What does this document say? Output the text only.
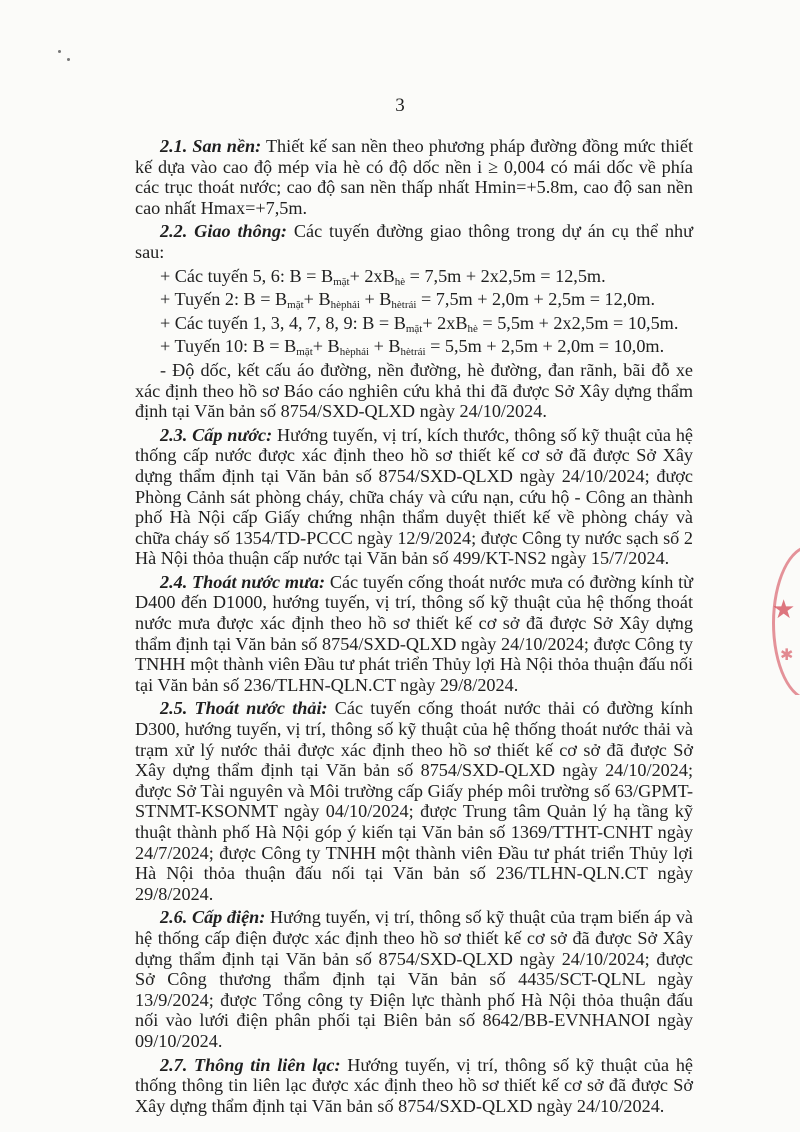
3

2.1. San nền: Thiết kế san nền theo phương pháp đường đồng mức thiết kế dựa vào cao độ mép vỉa hè có độ dốc nền i ≥ 0,004 có mái dốc về phía các trục thoát nước; cao độ san nền thấp nhất Hmin=+5.8m, cao độ san nền cao nhất Hmax=+7,5m.

2.2. Giao thông: Các tuyến đường giao thông trong dự án cụ thể như sau:

+ Các tuyến 5, 6: $B = B_{mặt}+ 2xB_{hè} = 7,5m + 2x2,5m = 12,5m$.

+ Tuyến 2: $B = B_{mặt}+ B_{hèphải} + B_{hètrái} = 7,5m + 2,0m + 2,5m = 12,0m$.

+ Các tuyến 1, 3, 4, 7, 8, 9: $B = B_{mặt}+ 2xB_{hè} = 5,5m + 2x2,5m = 10,5m$.

+ Tuyến 10: $B = B_{mặt}+ B_{hèphải} + B_{hètrái} = 5,5m + 2,5m + 2,0m = 10,0m$.

- Độ dốc, kết cấu áo đường, nền đường, hè đường, đan rãnh, bãi đỗ xe xác định theo hồ sơ Báo cáo nghiên cứu khả thi đã được Sở Xây dựng thẩm định tại Văn bản số 8754/SXD-QLXD ngày 24/10/2024.

2.3. Cấp nước: Hướng tuyến, vị trí, kích thước, thông số kỹ thuật của hệ thống cấp nước được xác định theo hồ sơ thiết kế cơ sở đã được Sở Xây dựng thẩm định tại Văn bản số 8754/SXD-QLXD ngày 24/10/2024; được Phòng Cảnh sát phòng cháy, chữa cháy và cứu nạn, cứu hộ - Công an thành phố Hà Nội cấp Giấy chứng nhận thẩm duyệt thiết kế về phòng cháy và chữa cháy số 1354/TD-PCCC ngày 12/9/2024; được Công ty nước sạch số 2 Hà Nội thỏa thuận cấp nước tại Văn bản số 499/KT-NS2 ngày 15/7/2024.

2.4. Thoát nước mưa: Các tuyến cống thoát nước mưa có đường kính từ D400 đến D1000, hướng tuyến, vị trí, thông số kỹ thuật của hệ thống thoát nước mưa được xác định theo hồ sơ thiết kế cơ sở đã được Sở Xây dựng thẩm định tại Văn bản số 8754/SXD-QLXD ngày 24/10/2024; được Công ty TNHH một thành viên Đầu tư phát triển Thủy lợi Hà Nội thỏa thuận đấu nối tại Văn bản số 236/TLHN-QLN.CT ngày 29/8/2024.

2.5. Thoát nước thải: Các tuyến cống thoát nước thải có đường kính D300, hướng tuyến, vị trí, thông số kỹ thuật của hệ thống thoát nước thải và trạm xử lý nước thải được xác định theo hồ sơ thiết kế cơ sở đã được Sở Xây dựng thẩm định tại Văn bản số 8754/SXD-QLXD ngày 24/10/2024; được Sở Tài nguyên và Môi trường cấp Giấy phép môi trường số 63/GPMT-STNMT-KSONMT ngày 04/10/2024; được Trung tâm Quản lý hạ tầng kỹ thuật thành phố Hà Nội góp ý kiến tại Văn bản số 1369/TTHT-CNHT ngày 24/7/2024; được Công ty TNHH một thành viên Đầu tư phát triển Thủy lợi Hà Nội thỏa thuận đấu nối tại Văn bản số 236/TLHN-QLN.CT ngày 29/8/2024.

2.6. Cấp điện: Hướng tuyến, vị trí, thông số kỹ thuật của trạm biến áp và hệ thống cấp điện được xác định theo hồ sơ thiết kế cơ sở đã được Sở Xây dựng thẩm định tại Văn bản số 8754/SXD-QLXD ngày 24/10/2024; được Sở Công thương thẩm định tại Văn bản số 4435/SCT-QLNL ngày 13/9/2024; được Tổng công ty Điện lực thành phố Hà Nội thỏa thuận đấu nối vào lưới điện phân phối tại Biên bản số 8642/BB-EVNHANOI ngày 09/10/2024.

2.7. Thông tin liên lạc: Hướng tuyến, vị trí, thông số kỹ thuật của hệ thống thông tin liên lạc được xác định theo hồ sơ thiết kế cơ sở đã được Sở Xây dựng thẩm định tại Văn bản số 8754/SXD-QLXD ngày 24/10/2024.

★
✱
